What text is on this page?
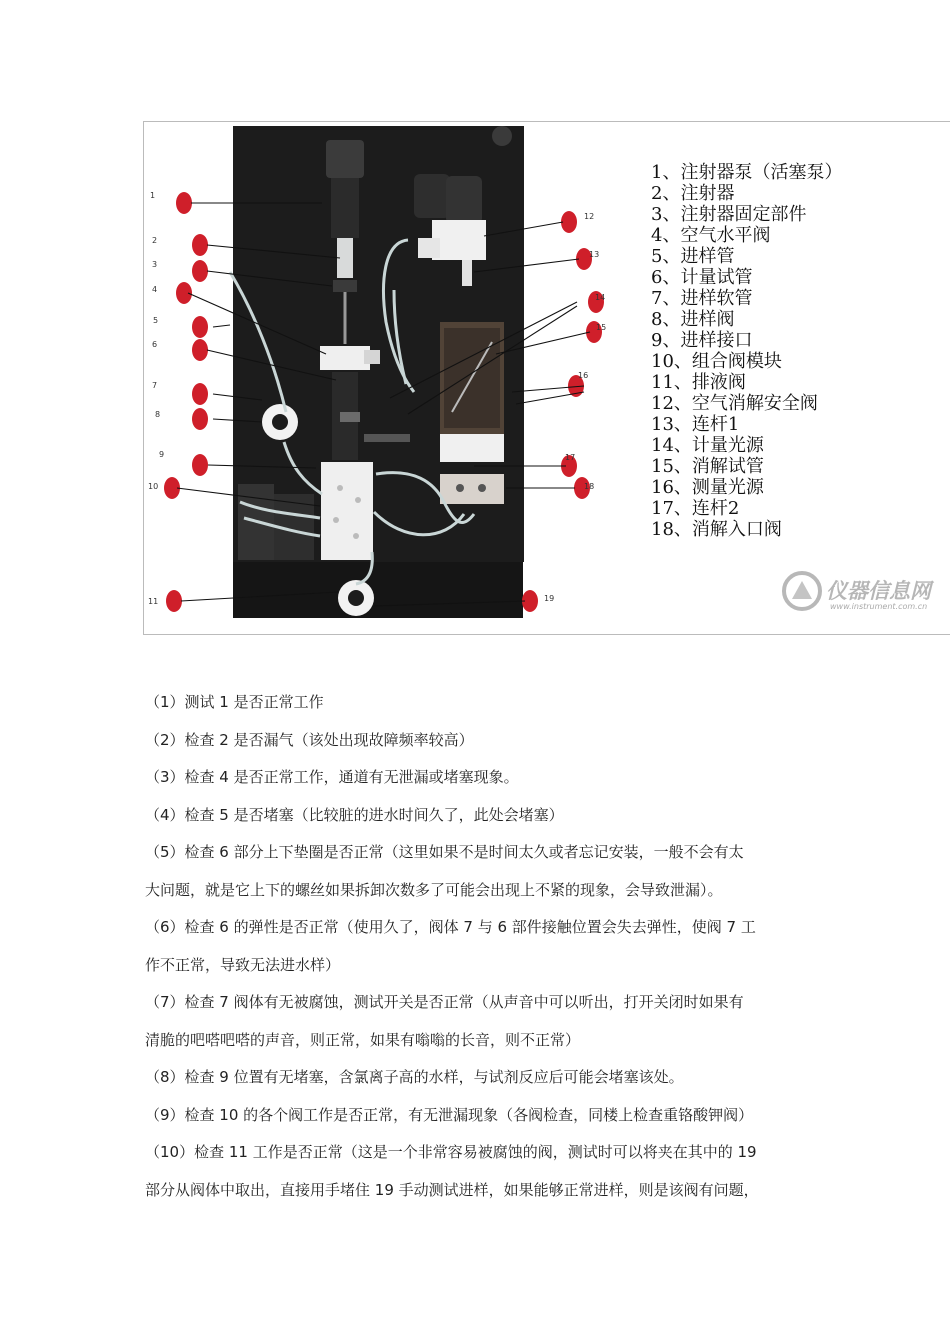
1
2
3
4
5
6
7
8
9
10
11
12
13
14
15
16
17
18
19
1、注射器泵（活塞泵）
2、注射器
3、注射器固定部件
4、空气水平阀
5、进样管
6、计量试管
7、进样软管
8、进样阀
9、进样接口
10、组合阀模块
11、排液阀
12、空气消解安全阀
13、连杆1
14、计量光源
15、消解试管
16、测量光源
17、连杆2
18、消解入口阀
仪器信息网
www.instrument.com.cn

（1）测试 1 是否正常工作

（2）检查 2 是否漏气（该处出现故障频率较高）

（3）检查 4 是否正常工作，通道有无泄漏或堵塞现象。

（4）检查 5 是否堵塞（比较脏的进水时间久了，此处会堵塞）

（5）检查 6 部分上下垫圈是否正常（这里如果不是时间太久或者忘记安装，一般不会有太

大问题，就是它上下的螺丝如果拆卸次数多了可能会出现上不紧的现象，会导致泄漏）。

（6）检查 6 的弹性是否正常（使用久了，阀体 7 与 6 部件接触位置会失去弹性，使阀 7 工

作不正常，导致无法进水样）

（7）检查 7 阀体有无被腐蚀，测试开关是否正常（从声音中可以听出，打开关闭时如果有

清脆的吧嗒吧嗒的声音，则正常，如果有嗡嗡的长音，则不正常）

（8）检查 9 位置有无堵塞，含氯离子高的水样，与试剂反应后可能会堵塞该处。

（9）检查 10 的各个阀工作是否正常，有无泄漏现象（各阀检查，同楼上检查重铬酸钾阀）

（10）检查 11 工作是否正常（这是一个非常容易被腐蚀的阀，测试时可以将夹在其中的 19

部分从阀体中取出，直接用手堵住 19 手动测试进样，如果能够正常进样，则是该阀有问题，
